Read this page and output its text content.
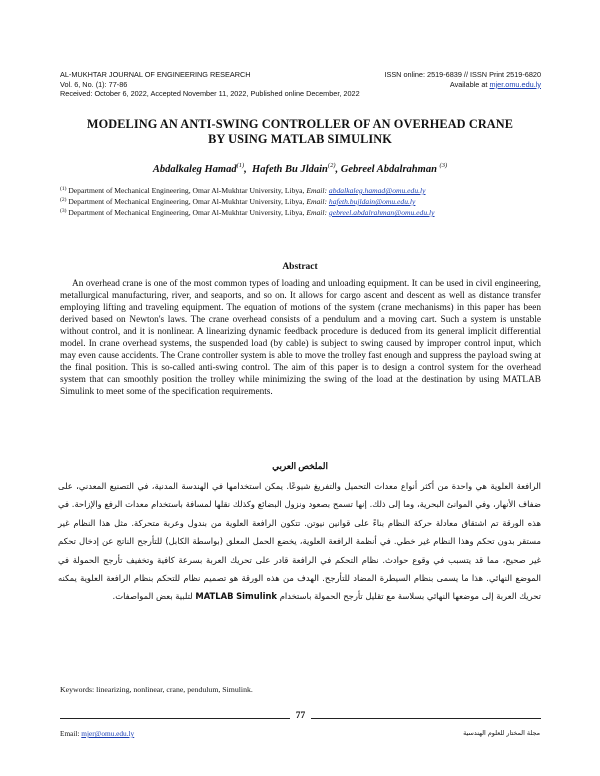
AL-MUKHTAR JOURNAL OF ENGINEERING RESEARCH
Vol. 6, No. (1): 77-86
Received: October 6, 2022, Accepted November 11, 2022, Published online December, 2022
ISSN online: 2519-6839 // ISSN Print 2519-6820
Available at mjer.omu.edu.ly
MODELING AN ANTI-SWING CONTROLLER OF AN OVERHEAD CRANE
BY USING MATLAB SIMULINK
Abdalkaleg Hamad$^{(1)}$,  Hafeth Bu Jldain$^{(2)}$, Gebreel Abdalrahman $^{(3)}$
$^{(1)}$ Department of Mechanical Engineering, Omar Al-Mukhtar University, Libya, Email: abdalkaleg.hamad@omu.edu.ly
$^{(2)}$ Department of Mechanical Engineering, Omar Al-Mukhtar University, Libya, Email: hafeth.bujldain@omu.edu.ly
$^{(3)}$ Department of Mechanical Engineering, Omar Al-Mukhtar University, Libya, Email: gebreel.abdalrahman@omu.edu.ly
Abstract
An overhead crane is one of the most common types of loading and unloading equipment. It can be used in civil engineering, metallurgical manufacturing, river, and seaports, and so on. It allows for cargo ascent and descent as well as distance transfer employing lifting and traveling equipment. The equation of motions of the system (crane mechanisms) in this paper has been derived based on Newton's laws. The crane overhead consists of a pendulum and a moving cart. Such a system is unstable without control, and it is nonlinear. A linearizing dynamic feedback procedure is deduced from its general implicit differential model. In crane overhead systems, the suspended load (by cable) is subject to swing caused by improper control input, which may even cause accidents. The Crane controller system is able to move the trolley fast enough and suppress the payload swing at the final position. This is so-called anti-swing control. The aim of this paper is to design a control system for the overhead system that can smoothly position the trolley while minimizing the swing of the load at the destination by using MATLAB Simulink to meet some of the specification requirements.
الملخص العربي
الرافعة العلوية هي واحدة من أكثر أنواع معدات التحميل والتفريغ شيوعًا. يمكن استخدامها في الهندسة المدنية، في التصنيع المعدني، على ضفاف الأنهار، وفي الموانئ البحرية، وما إلى ذلك. إنها تسمح بصعود ونزول البضائع وكذلك نقلها لمسافة باستخدام معدات الرفع والإزاحة. في هذه الورقة تم اشتقاق معادلة حركة النظام بناءً على قوانين نيوتن. تتكون الرافعة العلوية من بندول وعربة متحركة. مثل هذا النظام غير مستقر بدون تحكم وهذا النظام غير خطي. في أنظمة الرافعة العلوية، يخضع الحمل المعلق (بواسطة الكابل) للتأرجح الناتج عن إدخال تحكم غير صحيح، مما قد يتسبب في وقوع حوادث. نظام التحكم في الرافعة قادر على تحريك العربة بسرعة كافية وتخفيف تأرجح الحمولة في الموضع النهائي. هذا ما يسمى بنظام السيطرة المضاد للتأرجح. الهدف من هذه الورقة هو تصميم نظام للتحكم بنظام الرافعة العلوية يمكنه تحريك العربة إلى موضعها النهائي بسلاسة مع تقليل تأرجح الحمولة باستخدام MATLAB Simulink لتلبية بعض المواصفات.
Keywords: linearizing, nonlinear, crane, pendulum, Simulink.
77
Email: mjer@omu.edu.ly	مجلة المختار للعلوم الهندسية
